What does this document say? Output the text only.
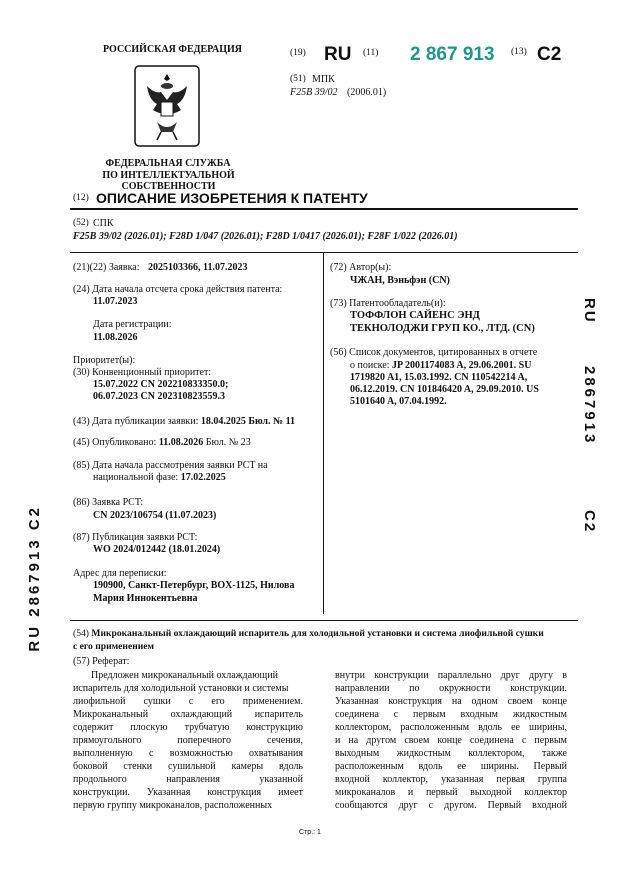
РОССИЙСКАЯ ФЕДЕРАЦИЯ
ФЕДЕРАЛЬНАЯ СЛУЖБА
ПО ИНТЕЛЛЕКТУАЛЬНОЙ СОБСТВЕННОСТИ
(19) RU (11) 2 867 913 (13) C2
(51) МПК
F25B 39/02 (2006.01)
(12) ОПИСАНИЕ ИЗОБРЕТЕНИЯ К ПАТЕНТУ
(52) СПК
F25B 39/02 (2026.01); F28D 1/047 (2026.01); F28D 1/0417 (2026.01); F28F 1/022 (2026.01)
(21)(22) Заявка: 2025103366, 11.07.2023
(24) Дата начала отсчета срока действия патента:
11.07.2023
Дата регистрации:
11.08.2026
Приоритет(ы):
(30) Конвенционный приоритет:
15.07.2022 CN 202210833350.0;
06.07.2023 CN 202310823559.3
(43) Дата публикации заявки: 18.04.2025 Бюл. № 11
(45) Опубликовано: 11.08.2026 Бюл. № 23
(85) Дата начала рассмотрения заявки PCT на
национальной фазе: 17.02.2025
(86) Заявка PCT:
CN 2023/106754 (11.07.2023)
(87) Публикация заявки PCT:
WO 2024/012442 (18.01.2024)
Адрес для переписки:
190900, Санкт-Петербург, BOX-1125, Нилова
Мария Иннокентьевна
(72) Автор(ы):
ЧЖАН, Вэньфэн (CN)
(73) Патентообладатель(и):
ТОФФЛОН САЙЕНС ЭНД
ТЕКНОЛОДЖИ ГРУП КО., ЛТД. (CN)
(56) Список документов, цитированных в отчете
о поиске: JP 2001174083 A, 29.06.2001. SU
1719820 A1, 15.03.1992. CN 110542214 A,
06.12.2019. CN 101846420 A, 29.09.2010. US
5101640 A, 07.04.1992.
RU 2867913 C2
RU
2867913
C2
(54) Микроканальный охлаждающий испаритель для холодильной установки и система лиофильной сушки
с его применением
(57) Реферат:
Предложен микроканальный охлаждающий
испаритель для холодильной установки и системы
лиофильной сушки с его применением.
Микроканальный охлаждающий испаритель
содержит плоскую трубчатую конструкцию
прямоугольного поперечного сечения,
выполненную с возможностью охватывания
боковой стенки сушильной камеры вдоль
продольного направления указанной
конструкции. Указанная конструкция имеет
первую группу микроканалов, расположенных
внутри конструкции параллельно друг другу в
направлении по окружности конструкции.
Указанная конструкция на одном своем конце
соединена с первым входным жидкостным
коллектором, расположенным вдоль ее ширины,
и на другом своем конце соединена с первым
выходным жидкостным коллектором, также
расположенным вдоль ее ширины. Первый
входной коллектор, указанная первая группа
микроканалов и первый выходной коллектор
сообщаются друг с другом. Первый входной
Стр.: 1
